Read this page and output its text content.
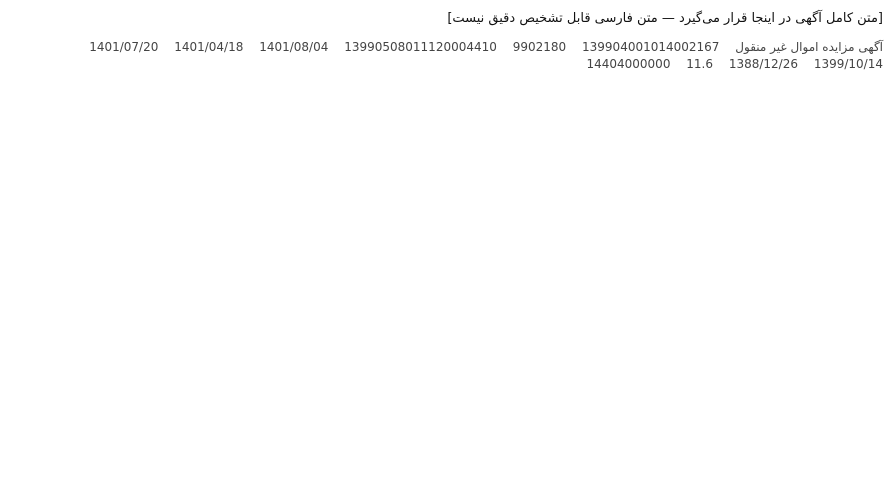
[متن کامل آگهی در اینجا قرار می‌گیرد — متن فارسی قابل تشخیص دقیق نیست]

آگهی مزایده اموال غیر منقول 139904001014002167 9902180 13990508011120004410 1401/08/04 1401/04/18 1401/07/20 1399/10/14 1388/12/26 11.6 14404000000
